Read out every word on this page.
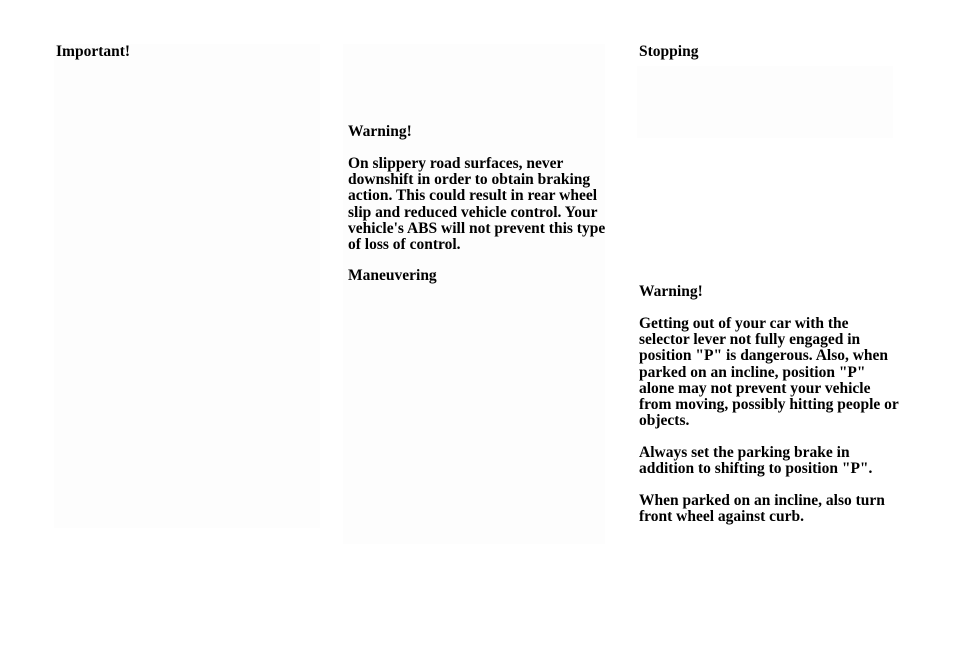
Important!
Warning!

On slippery road surfaces, never downshift in order to obtain braking action. This could result in rear wheel slip and reduced vehicle control. Your vehicle's ABS will not prevent this type of loss of control.

Maneuvering
Stopping
Warning!

Getting out of your car with the selector lever not fully engaged in position "P" is dangerous. Also, when parked on an incline, position "P" alone may not prevent your vehicle from moving, possibly hitting people or objects.

Always set the parking brake in addition to shifting to position "P".

When parked on an incline, also turn front wheel against curb.
